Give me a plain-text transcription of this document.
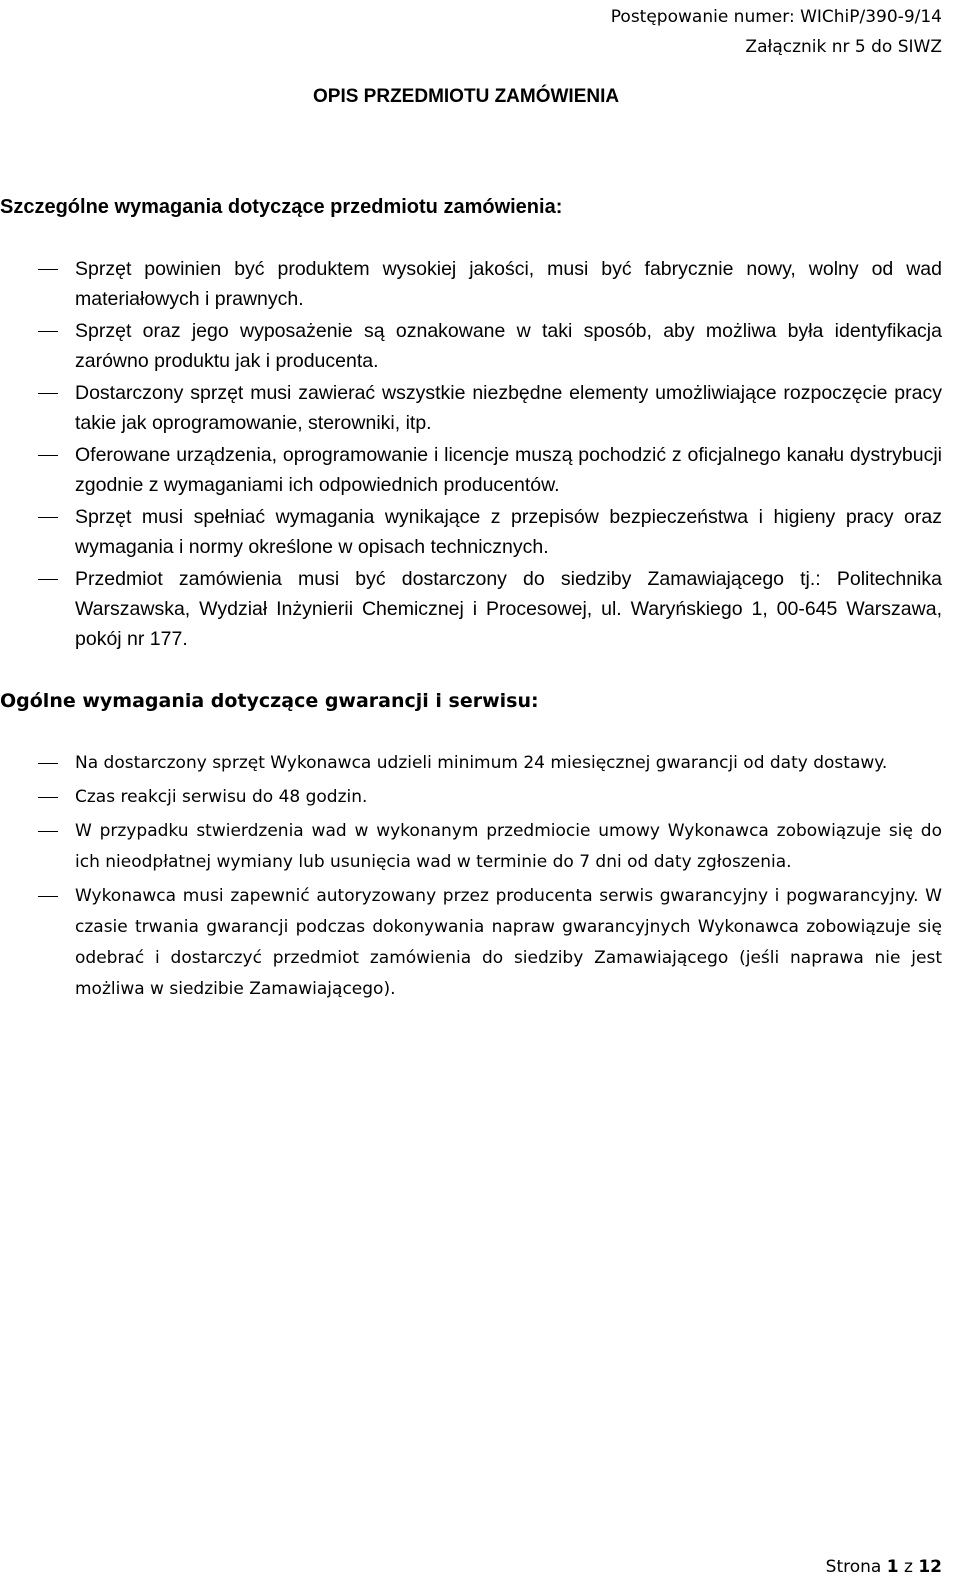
Postępowanie numer: WIChiP/390-9/14
Załącznik nr 5 do SIWZ
OPIS PRZEDMIOTU ZAMÓWIENIA
Szczególne wymagania dotyczące przedmiotu zamówienia:
Sprzęt powinien być produktem wysokiej jakości, musi być fabrycznie nowy, wolny od wad materiałowych i prawnych.
Sprzęt oraz jego wyposażenie są oznakowane w taki sposób, aby możliwa była identyfikacja zarówno produktu jak i producenta.
Dostarczony sprzęt musi zawierać wszystkie niezbędne elementy umożliwiające rozpoczęcie pracy takie jak oprogramowanie, sterowniki, itp.
Oferowane urządzenia, oprogramowanie i licencje muszą pochodzić z oficjalnego kanału dystrybucji zgodnie z wymaganiami ich odpowiednich producentów.
Sprzęt musi spełniać wymagania wynikające z przepisów bezpieczeństwa i higieny pracy oraz wymagania i normy określone w opisach technicznych.
Przedmiot zamówienia musi być dostarczony do siedziby Zamawiającego tj.: Politechnika Warszawska, Wydział Inżynierii Chemicznej i Procesowej, ul. Waryńskiego 1, 00-645 Warszawa, pokój nr 177.
Ogólne wymagania dotyczące gwarancji i serwisu:
Na dostarczony sprzęt Wykonawca udzieli minimum 24 miesięcznej gwarancji od daty dostawy.
Czas reakcji serwisu do 48 godzin.
W przypadku stwierdzenia wad w wykonanym przedmiocie umowy Wykonawca zobowiązuje się do ich nieodpłatnej wymiany lub usunięcia wad w terminie do 7 dni od daty zgłoszenia.
Wykonawca musi zapewnić autoryzowany przez producenta serwis gwarancyjny i pogwarancyjny. W czasie trwania gwarancji podczas dokonywania napraw gwarancyjnych Wykonawca zobowiązuje się odebrać i dostarczyć przedmiot zamówienia do siedziby Zamawiającego (jeśli naprawa nie jest możliwa w siedzibie Zamawiającego).
Strona 1 z 12
